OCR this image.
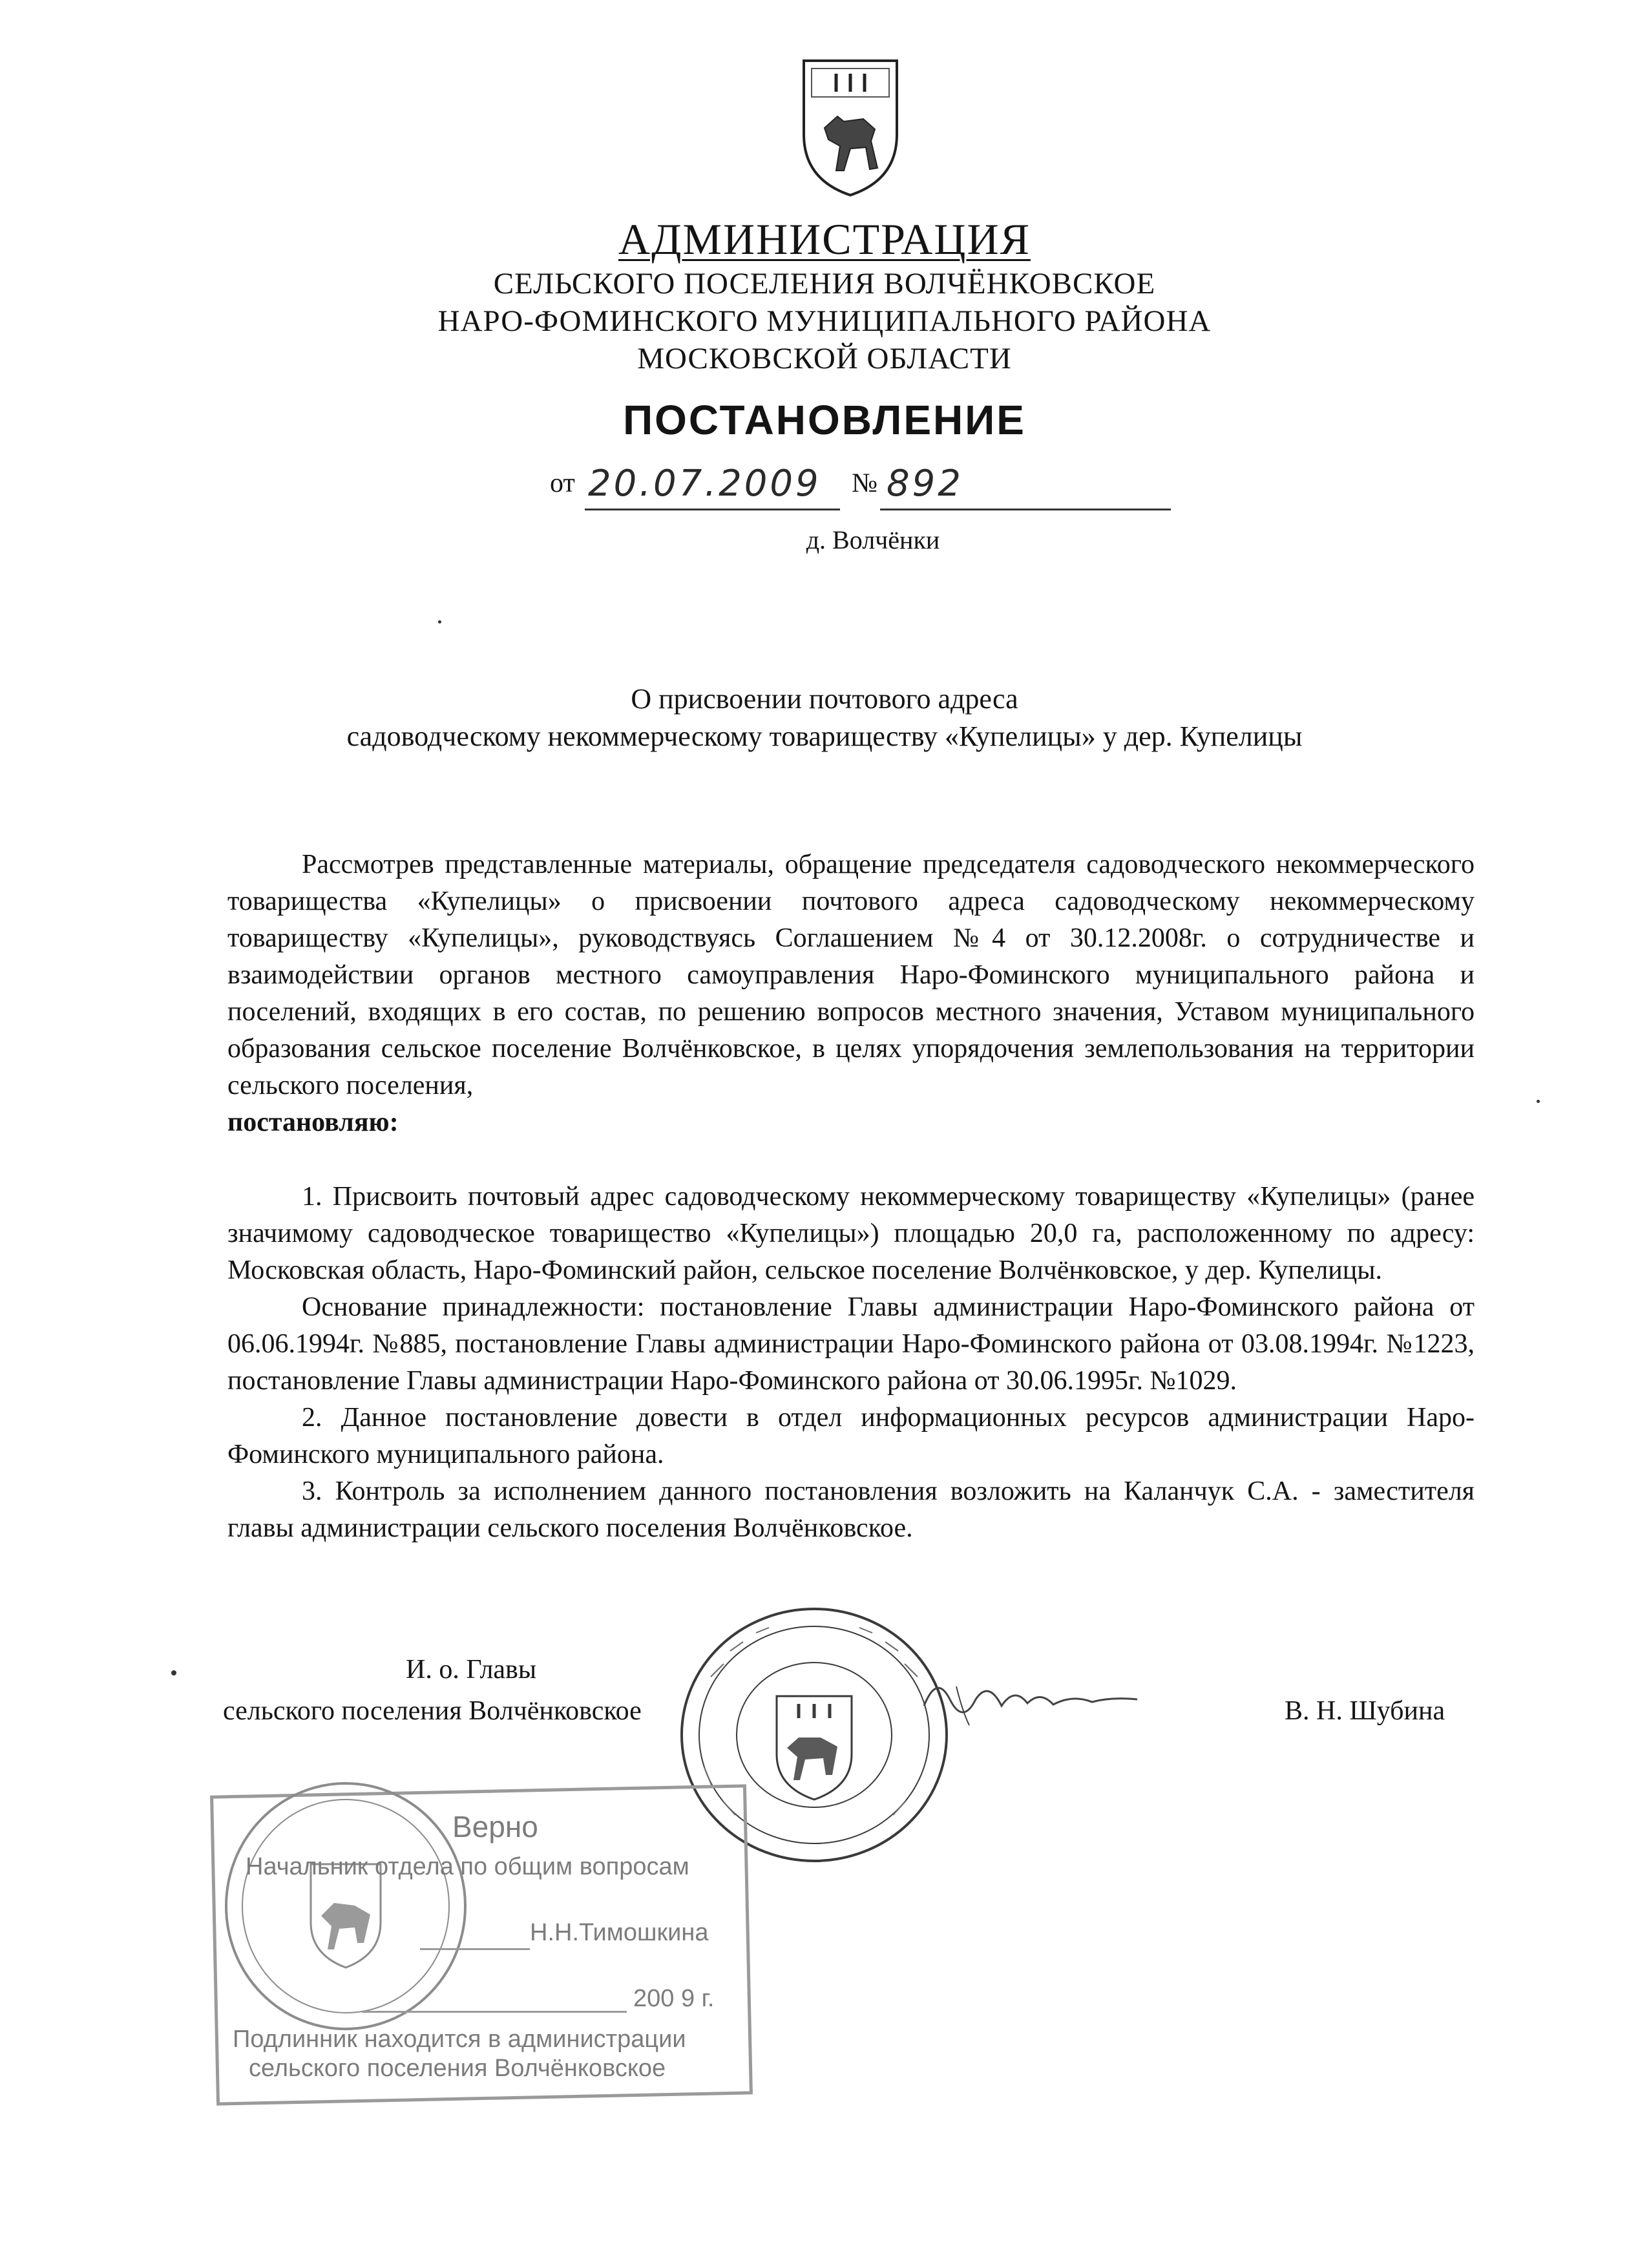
АДМИНИСТРАЦИЯ
СЕЛЬСКОГО ПОСЕЛЕНИЯ ВОЛЧЁНКОВСКОЕ
НАРО-ФОМИНСКОГО МУНИЦИПАЛЬНОГО РАЙОНА
МОСКОВСКОЙ ОБЛАСТИ
ПОСТАНОВЛЕНИЕ
от 20.07.2009	№ 892
д. Волчёнки
О присвоении почтового адреса
садоводческому некоммерческому товариществу «Купелицы» у дер. Купелицы

Рассмотрев представленные материалы, обращение председателя садоводческого некоммерческого товарищества «Купелицы» о присвоении почтового адреса садоводческому некоммерческому товариществу «Купелицы», руководствуясь Соглашением №4 от 30.12.2008г. о сотрудничестве и взаимодействии органов местного самоуправления Наро-Фоминского муниципального района и поселений, входящих в его состав, по решению вопросов местного значения, Уставом муниципального образования сельское поселение Волчёнковское, в целях упорядочения землепользования на территории сельского поселения,
постановляю:

1. Присвоить почтовый адрес садоводческому некоммерческому товариществу «Купелицы» (ранее значимому садоводческое товарищество «Купелицы») площадью 20,0 га, расположенному по адресу: Московская область, Наро-Фоминский район, сельское поселение Волчёнковское, у дер. Купелицы.

Основание принадлежности: постановление Главы администрации Наро-Фоминского района от 06.06.1994г. №885, постановление Главы администрации Наро-Фоминского района от 03.08.1994г. №1223, постановление Главы администрации Наро-Фоминского района от 30.06.1995г. №1029.

2. Данное постановление довести в отдел информационных ресурсов администрации Наро-Фоминского муниципального района.

3. Контроль за исполнением данного постановления возложить на Каланчук С.А. - заместителя главы администрации сельского поселения Волчёнковское.

И. о. Главы
сельского поселения Волчёнковское	В. Н. Шубина
Верно
Начальник отдела по общим вопросам
Н.Н.Тимошкина
200 9 г.
Подлинник находится в администрации
сельского поселения Волчёнковское
